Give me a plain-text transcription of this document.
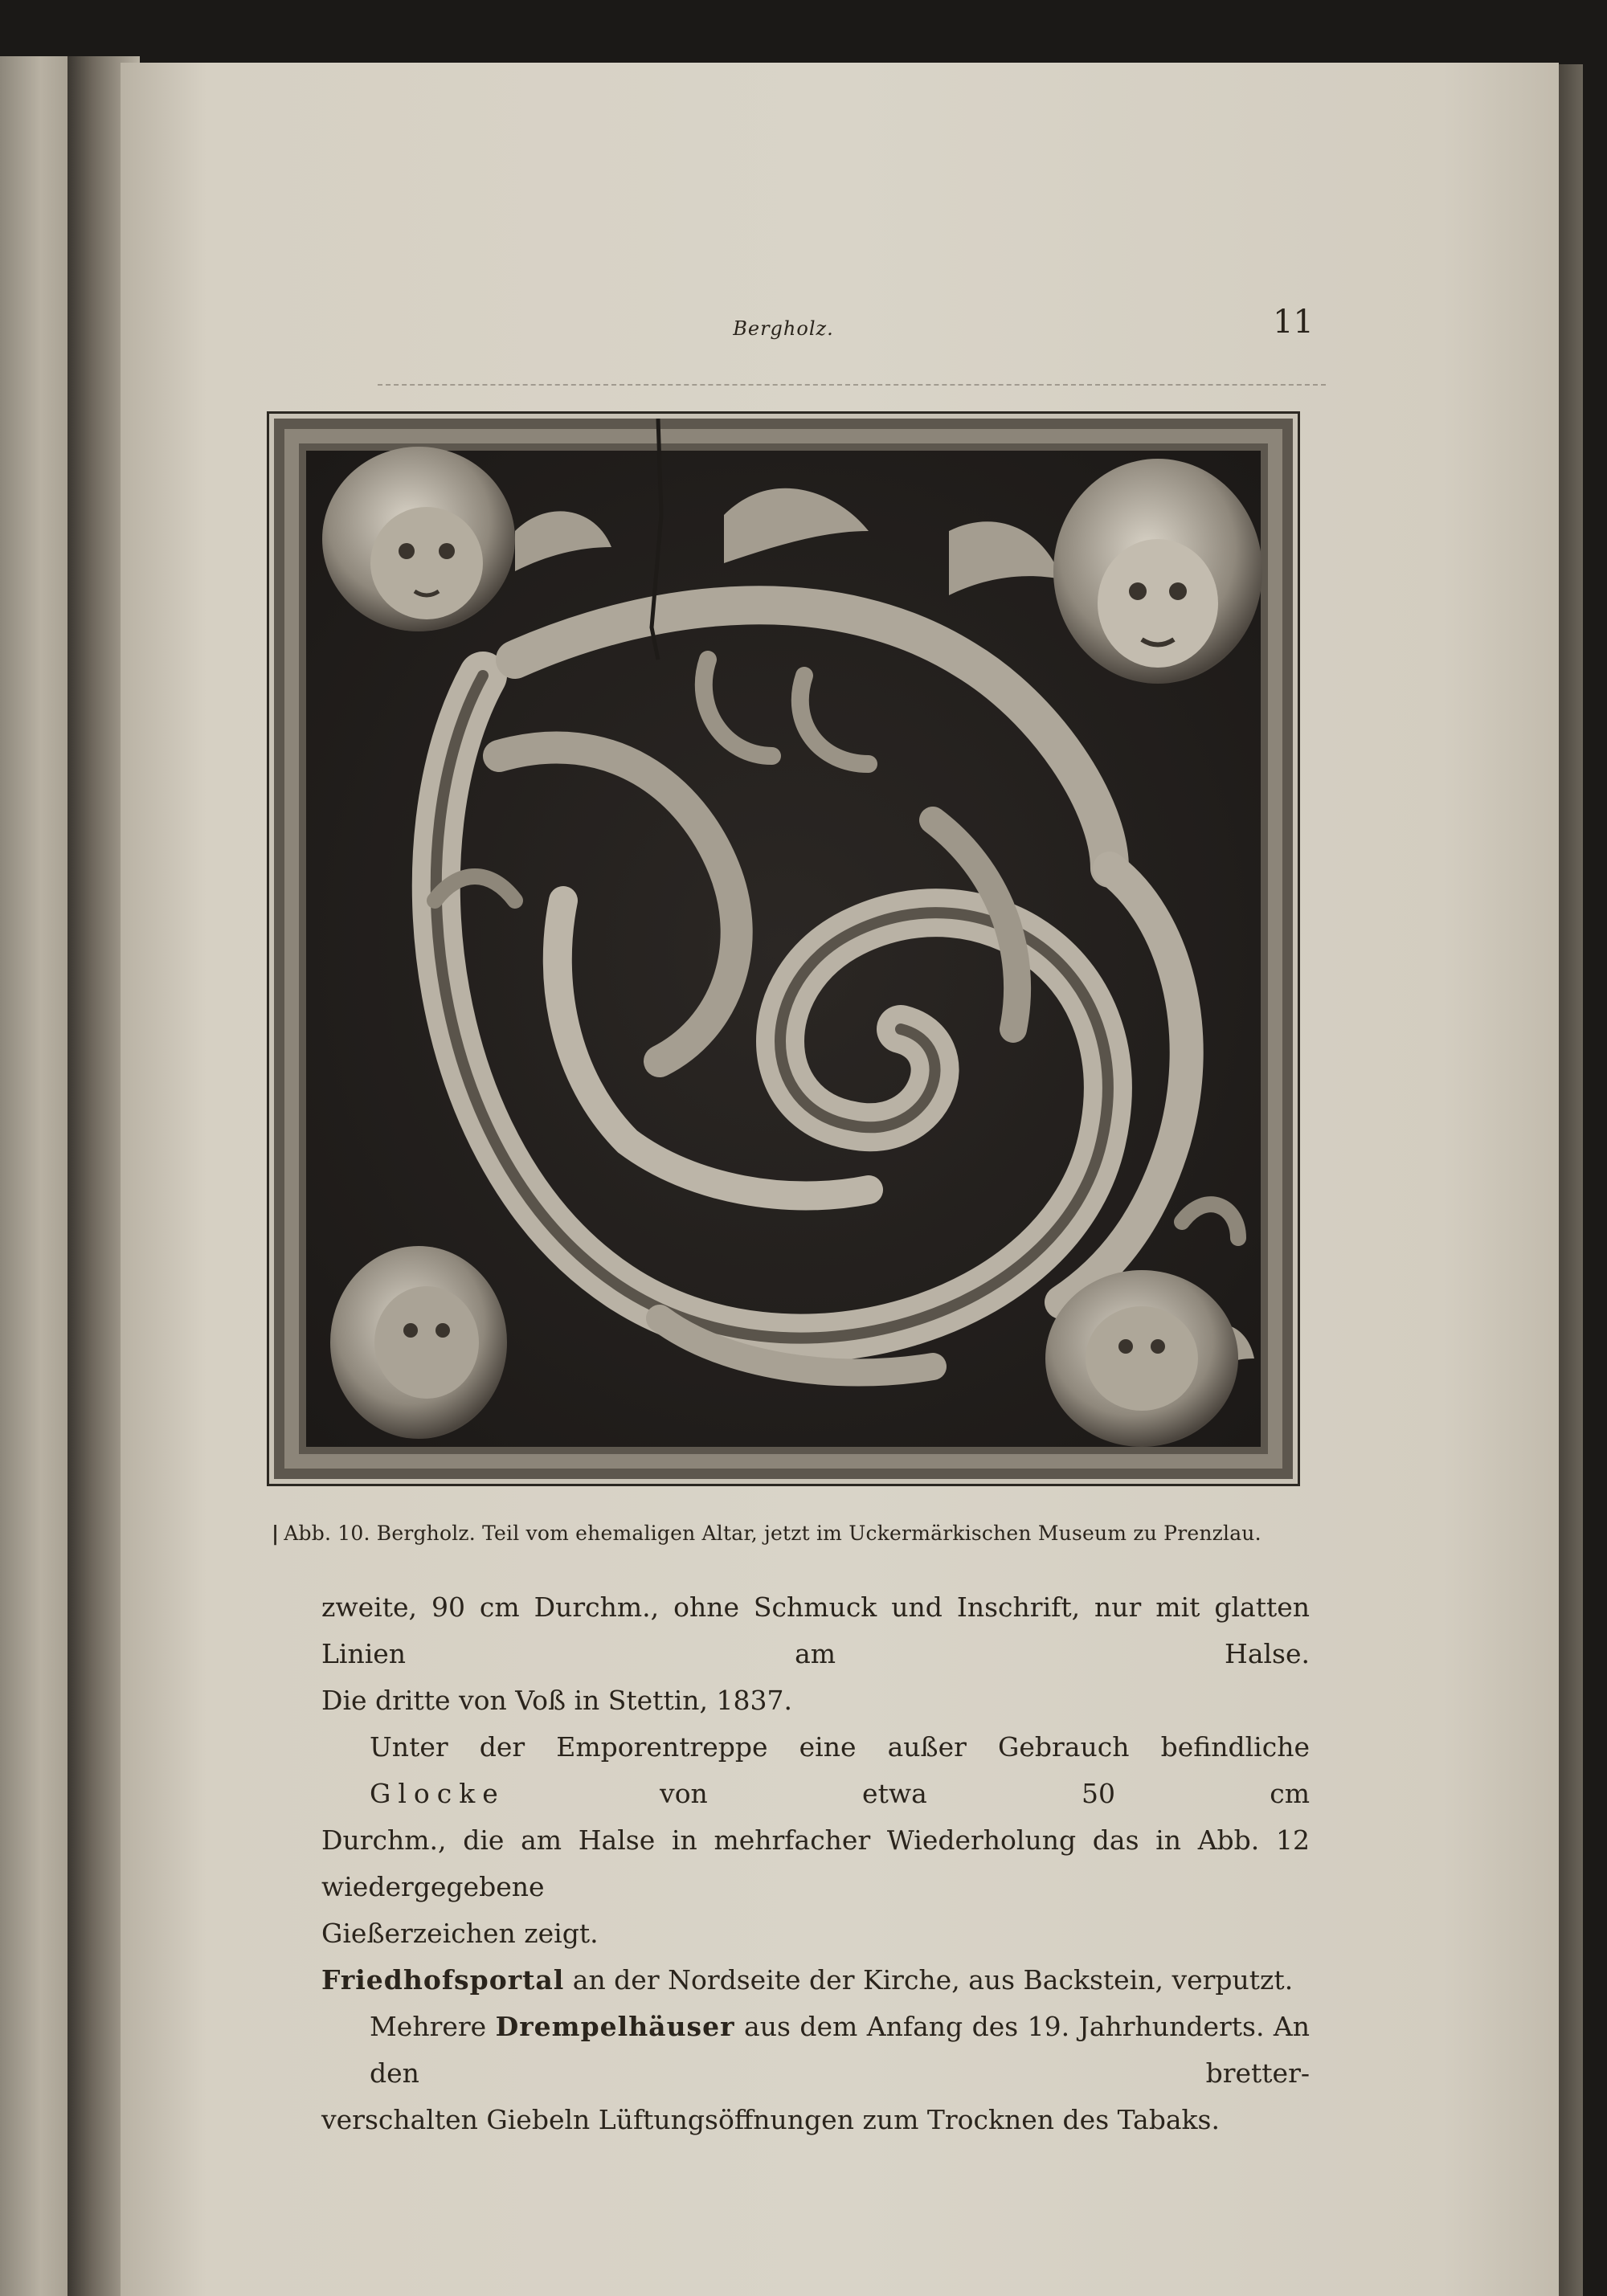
Bergholz.	11
| Abb. 10. Bergholz. Teil vom ehemaligen Altar, jetzt im Uckermärkischen Museum zu Prenzlau.

zweite, 90 cm Durchm., ohne Schmuck und Inschrift, nur mit glatten Linien am Halse.
Die dritte von Voß in Stettin, 1837.

Unter der Emporentreppe eine außer Gebrauch befindliche Glocke	von etwa 50 cm
Durchm., die am Halse in mehrfacher Wiederholung das in Abb. 12 wiedergegebene
Gießerzeichen zeigt.

Friedhofsportal an der Nordseite der Kirche, aus Backstein, verputzt.

Mehrere Drempelhäuser aus dem Anfang des 19. Jahrhunderts. An den bretter-
verschalten Giebeln Lüftungsöffnungen zum Trocknen des Tabaks.
